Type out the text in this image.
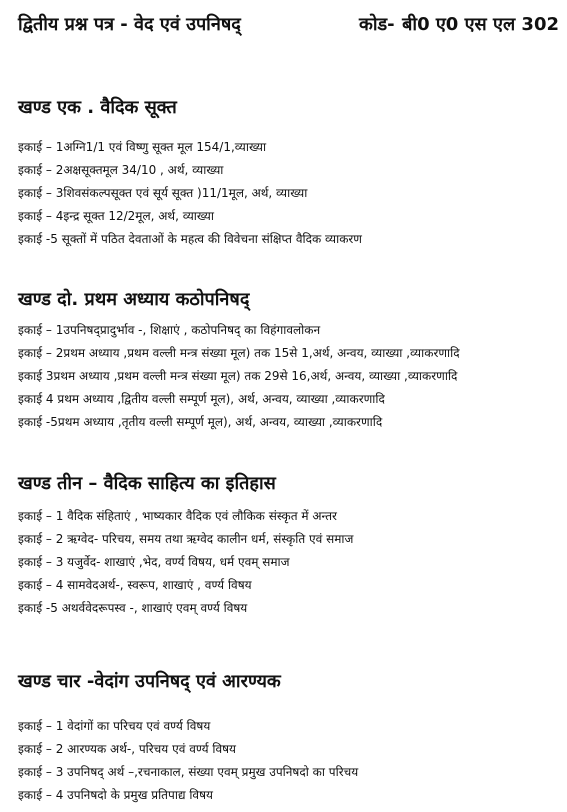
द्वितीय प्रश्न पत्र - वेद एवं उपनिषद्	कोड- बी0 ए0 एस एल 302
खण्ड एक . वैदिक सूक्त
इकाई – 1अग्नि1/1 एवं विष्णु सूक्त मूल 154/1,व्याख्या
इकाई – 2अक्षसूक्तमूल 34/10 , अर्थ, व्याख्या
इकाई – 3शिवसंकल्पसूक्त एवं सूर्य सूक्त )11/1मूल, अर्थ, व्याख्या
इकाई – 4इन्द्र सूक्त 12/2मूल, अर्थ, व्याख्या
इकाई -5 सूक्तों में पठित देवताओं के महत्व की विवेचना संक्षिप्त वैदिक व्याकरण
खण्ड दो. प्रथम अध्याय कठोपनिषद्
इकाई – 1उपनिषद्प्रादुर्भाव -, शिक्षाएं , कठोपनिषद् का विहंगावलोकन
इकाई – 2प्रथम अध्याय ,प्रथम वल्ली मन्त्र संख्या मूल) तक 15से 1,अर्थ, अन्वय, व्याख्या ,व्याकरणादि
इकाई 3प्रथम अध्याय ,प्रथम वल्ली मन्त्र संख्या मूल) तक 29से 16,अर्थ, अन्वय, व्याख्या ,व्याकरणादि
इकाई 4 प्रथम अध्याय ,द्वितीय वल्ली सम्पूर्ण मूल), अर्थ, अन्वय, व्याख्या ,व्याकरणादि
इकाई -5प्रथम अध्याय ,तृतीय वल्ली सम्पूर्ण मूल), अर्थ, अन्वय, व्याख्या ,व्याकरणादि
खण्ड तीन – वैदिक साहित्य का इतिहास
इकाई – 1 वैदिक संहिताएं , भाष्यकार वैदिक एवं लौकिक संस्कृत में अन्तर
इकाई – 2 ऋग्वेद- परिचय, समय तथा ऋग्वेद कालीन धर्म, संस्कृति एवं समाज
इकाई – 3 यजुर्वेद- शाखाएं ,भेद, वर्ण्य विषय, धर्म एवम् समाज
इकाई – 4 सामवेदअर्थ-, स्वरूप, शाखाएं , वर्ण्य विषय
इकाई -5 अथर्ववेदरूपस्व -, शाखाएं एवम् वर्ण्य विषय
खण्ड चार -वेदांग उपनिषद् एवं आरण्यक
इकाई – 1 वेदांगों का परिचय एवं वर्ण्य विषय
इकाई – 2 आरण्यक अर्थ-, परिचय एवं वर्ण्य विषय
इकाई – 3 उपनिषद् अर्थ –,रचनाकाल, संख्या एवम् प्रमुख उपनिषदो का परिचय
इकाई – 4 उपनिषदो के प्रमुख प्रतिपाद्य विषय
